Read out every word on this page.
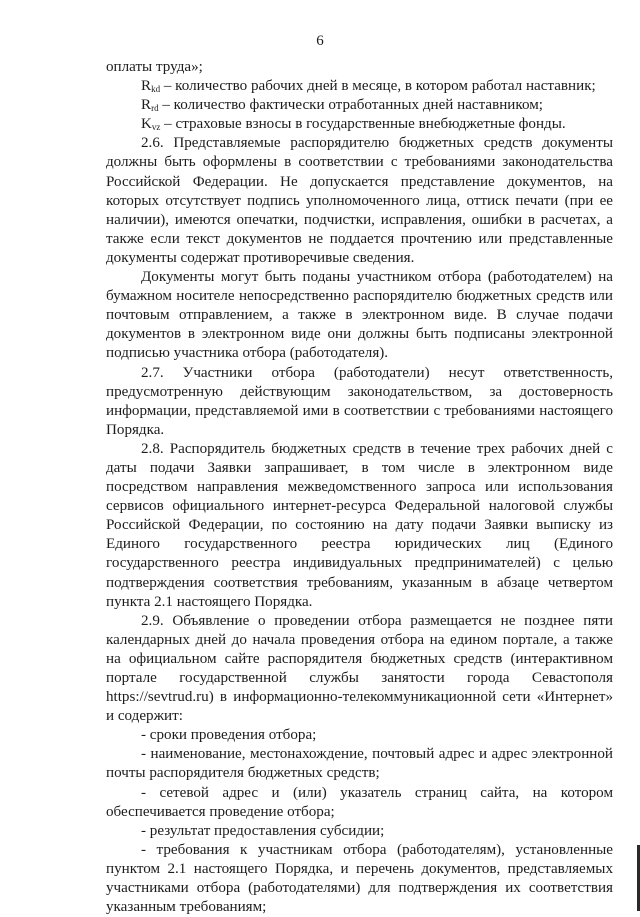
6

оплаты труда»;

$R_{kd}$ – количество рабочих дней в месяце, в котором работал наставник;

$R_{rd}$ – количество фактически отработанных дней наставником;

$K_{vz}$ – страховые взносы в государственные внебюджетные фонды.

2.6. Представляемые распорядителю бюджетных средств документы должны быть оформлены в соответствии с требованиями законодательства Российской Федерации. Не допускается представление документов, на которых отсутствует подпись уполномоченного лица, оттиск печати (при ее наличии), имеются опечатки, подчистки, исправления, ошибки в расчетах, а также если текст документов не поддается прочтению или представленные документы содержат противоречивые сведения.

Документы могут быть поданы участником отбора (работодателем) на бумажном носителе непосредственно распорядителю бюджетных средств или почтовым отправлением, а также в электронном виде. В случае подачи документов в электронном виде они должны быть подписаны электронной подписью участника отбора (работодателя).

2.7. Участники отбора (работодатели) несут ответственность, предусмотренную действующим законодательством, за достоверность информации, представляемой ими в соответствии с требованиями настоящего Порядка.

2.8. Распорядитель бюджетных средств в течение трех рабочих дней с даты подачи Заявки запрашивает, в том числе в электронном виде посредством направления межведомственного запроса или использования сервисов официального интернет-ресурса Федеральной налоговой службы Российской Федерации, по состоянию на дату подачи Заявки выписку из Единого государственного реестра юридических лиц (Единого государственного реестра индивидуальных предпринимателей) с целью подтверждения соответствия требованиям, указанным в абзаце четвертом пункта 2.1 настоящего Порядка.

2.9. Объявление о проведении отбора размещается не позднее пяти календарных дней до начала проведения отбора на едином портале, а также на официальном сайте распорядителя бюджетных средств (интерактивном портале государственной службы занятости города Севастополя https://sevtrud.ru) в информационно-телекоммуникационной сети «Интернет» и содержит:

- сроки проведения отбора;

- наименование, местонахождение, почтовый адрес и адрес электронной почты распорядителя бюджетных средств;

- сетевой адрес и (или) указатель страниц сайта, на котором обеспечивается проведение отбора;

- результат предоставления субсидии;

- требования к участникам отбора (работодателям), установленные пунктом 2.1 настоящего Порядка, и перечень документов, представляемых участниками отбора (работодателями) для подтверждения их соответствия указанным требованиям;
